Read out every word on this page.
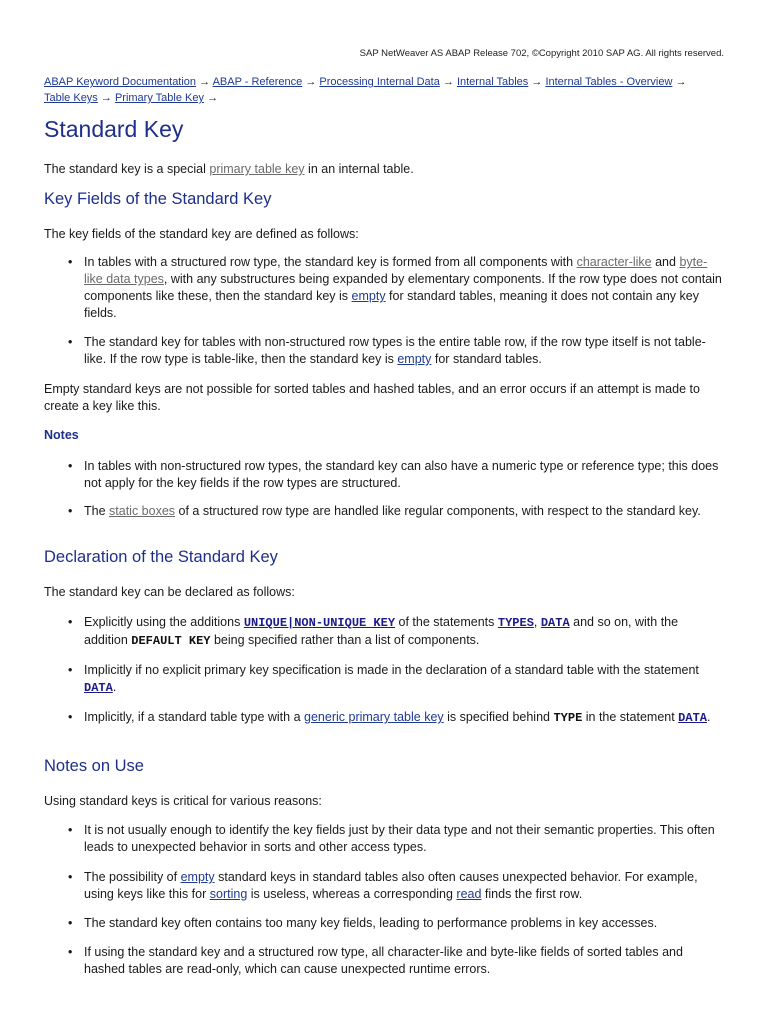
SAP NetWeaver AS ABAP Release 702, ©Copyright 2010 SAP AG. All rights reserved.
ABAP Keyword Documentation → ABAP - Reference → Processing Internal Data → Internal Tables → Internal Tables - Overview →
Table Keys → Primary Table Key →
Standard Key

The standard key is a special primary table key in an internal table.

Key Fields of the Standard Key

The key fields of the standard key are defined as follows:

• In tables with a structured row type, the standard key is formed from all components with character-like and byte-like data types, with any substructures being expanded by elementary components. If the row type does not contain components like these, then the standard key is empty for standard tables, meaning it does not contain any key fields.

• The standard key for tables with non-structured row types is the entire table row, if the row type itself is not table-like. If the row type is table-like, then the standard key is empty for standard tables.

Empty standard keys are not possible for sorted tables and hashed tables, and an error occurs if an attempt is made to create a key like this.

Notes

• In tables with non-structured row types, the standard key can also have a numeric type or reference type; this does not apply for the key fields if the row types are structured.

• The static boxes of a structured row type are handled like regular components, with respect to the standard key.

Declaration of the Standard Key

The standard key can be declared as follows:

• Explicitly using the additions UNIQUE|NON-UNIQUE KEY of the statements TYPES, DATA and so on, with the addition DEFAULT KEY being specified rather than a list of components.

• Implicitly if no explicit primary key specification is made in the declaration of a standard table with the statement DATA.

• Implicitly, if a standard table type with a generic primary table key is specified behind TYPE in the statement DATA.

Notes on Use

Using standard keys is critical for various reasons:

• It is not usually enough to identify the key fields just by their data type and not their semantic properties. This often leads to unexpected behavior in sorts and other access types.

• The possibility of empty standard keys in standard tables also often causes unexpected behavior. For example, using keys like this for sorting is useless, whereas a corresponding read finds the first row.

• The standard key often contains too many key fields, leading to performance problems in key accesses.

• If using the standard key and a structured row type, all character-like and byte-like fields of sorted tables and hashed tables are read-only, which can cause unexpected runtime errors.
